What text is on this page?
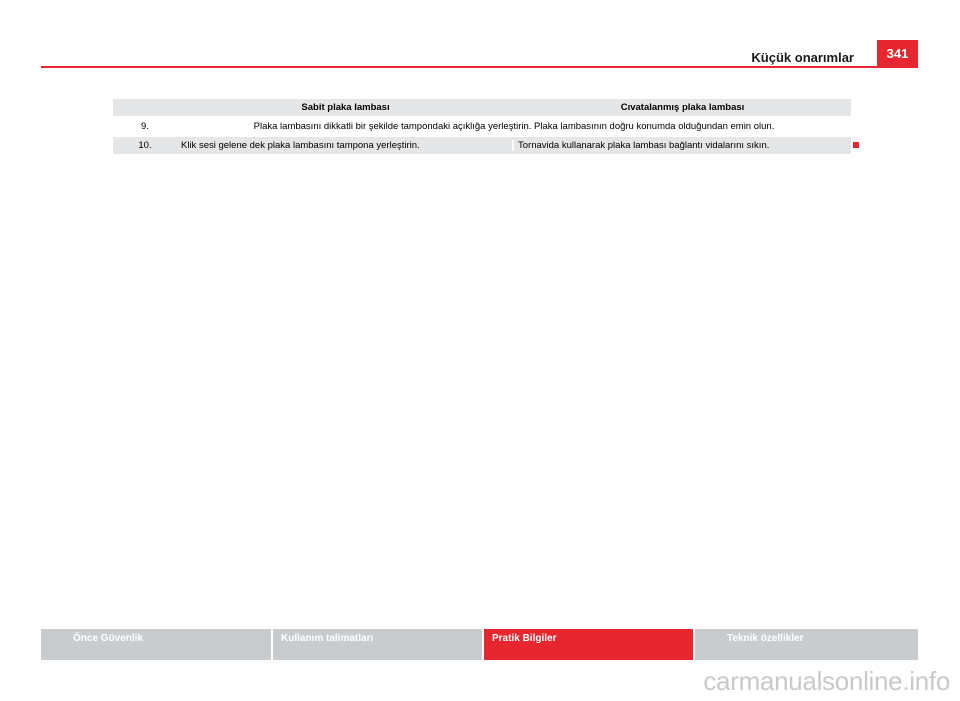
Küçük onarımlar	341
Sabit plaka lambası	Cıvatalanmış plaka lambası
9.	Plaka lambasını dikkatli bir şekilde tampondaki açıklığa yerleştirin. Plaka lambasının doğru konumda olduğundan emin olun.
10.	Klik sesi gelene dek plaka lambasını tampona yerleştirin.	Tornavida kullanarak plaka lambası bağlantı vidalarını sıkın.
Önce Güvenlik	Kullanım talimatları	Pratik Bilgiler	Teknik özellikler
carmanualsonline.info
